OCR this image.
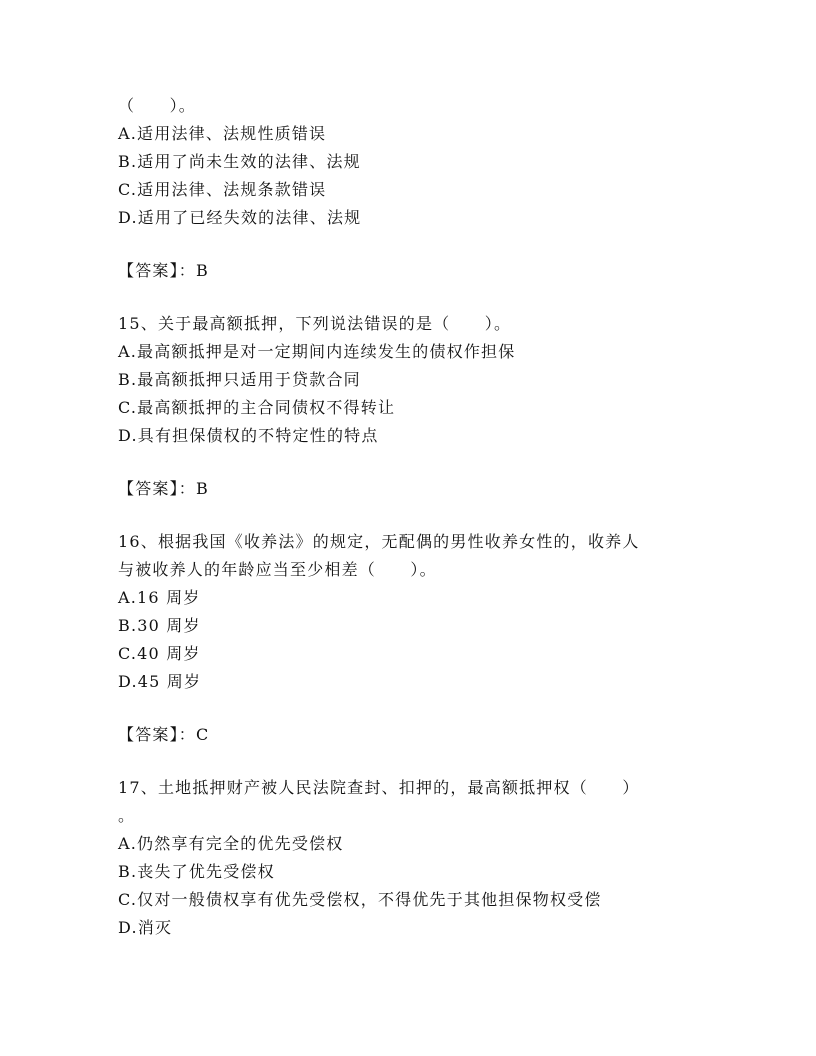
（　　）。
A.适用法律、法规性质错误
B.适用了尚未生效的法律、法规
C.适用法律、法规条款错误
D.适用了已经失效的法律、法规
【答案】：B
15、关于最高额抵押，下列说法错误的是（　　）。
A.最高额抵押是对一定期间内连续发生的债权作担保
B.最高额抵押只适用于贷款合同
C.最高额抵押的主合同债权不得转让
D.具有担保债权的不特定性的特点
【答案】：B
16、根据我国《收养法》的规定，无配偶的男性收养女性的，收养人
与被收养人的年龄应当至少相差（　　）。
A.16 周岁
B.30 周岁
C.40 周岁
D.45 周岁
【答案】：C
17、土地抵押财产被人民法院查封、扣押的，最高额抵押权（　　）
。
A.仍然享有完全的优先受偿权
B.丧失了优先受偿权
C.仅对一般债权享有优先受偿权，不得优先于其他担保物权受偿
D.消灭
